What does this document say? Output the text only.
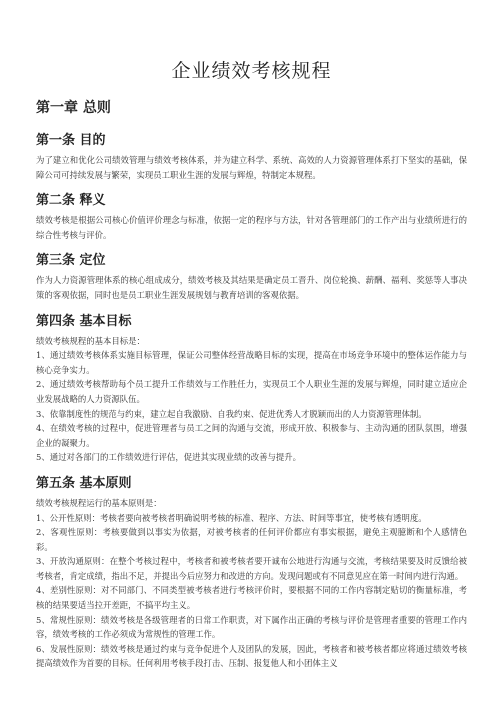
企业绩效考核规程
第一章 总则
第一条 目的
为了建立和优化公司绩效管理与绩效考核体系，并为建立科学、系统、高效的人力资源管理体系打下坚实的基础，保障公司可持续发展与繁荣，实现员工职业生涯的发展与辉煌，特制定本规程。
第二条 释义
绩效考核是根据公司核心价值评价理念与标准，依据一定的程序与方法，针对各管理部门的工作产出与业绩所进行的综合性考核与评价。
第三条 定位
作为人力资源管理体系的核心组成成分，绩效考核及其结果是确定员工晋升、岗位轮换、薪酬、福利、奖惩等人事决策的客观依据，同时也是员工职业生涯发展规划与教育培训的客观依据。
第四条 基本目标
绩效考核规程的基本目标是：
1、通过绩效考核体系实施目标管理，保证公司整体经营战略目标的实现，提高在市场竞争环境中的整体运作能力与核心竞争实力。
2、通过绩效考核帮助每个员工提升工作绩效与工作胜任力，实现员工个人职业生涯的发展与辉煌，同时建立适应企业发展战略的人力资源队伍。
3、依靠制度性的规范与约束，建立起自我激励、自我约束、促进优秀人才脱颖而出的人力资源管理体制。
4、在绩效考核的过程中，促进管理者与员工之间的沟通与交流，形成开放、积极参与、主动沟通的团队氛围，增强企业的凝聚力。
5、通过对各部门的工作绩效进行评估，促进其实现业绩的改善与提升。
第五条 基本原则
绩效考核规程运行的基本原则是：
1、公开性原则：考核者要向被考核者明确说明考核的标准、程序、方法、时间等事宜，使考核有透明度。
2、客观性原则：考核要做到以事实为依据，对被考核者的任何评价都应有事实根据，避免主观臆断和个人感情色彩。
3、开放沟通原则：在整个考核过程中，考核者和被考核者要开诚布公地进行沟通与交流，考核结果要及时反馈给被考核者，肯定成绩，指出不足，并提出今后应努力和改进的方向。发现问题或有不同意见应在第一时间内进行沟通。
4、差别性原则：对不同部门、不同类型被考核者进行考核评价时，要根据不同的工作内容制定贴切的衡量标准，考核的结果要适当拉开差距，不搞平均主义。
5、常规性原则：绩效考核是各级管理者的日常工作职责，对下属作出正确的考核与评价是管理者重要的管理工作内容，绩效考核的工作必须成为常规性的管理工作。
6、发展性原则：绩效考核是通过约束与竞争促进个人及团队的发展，因此，考核者和被考核者都应将通过绩效考核提高绩效作为首要的目标。任何利用考核手段打击、压制、报复他人和小团体主义
